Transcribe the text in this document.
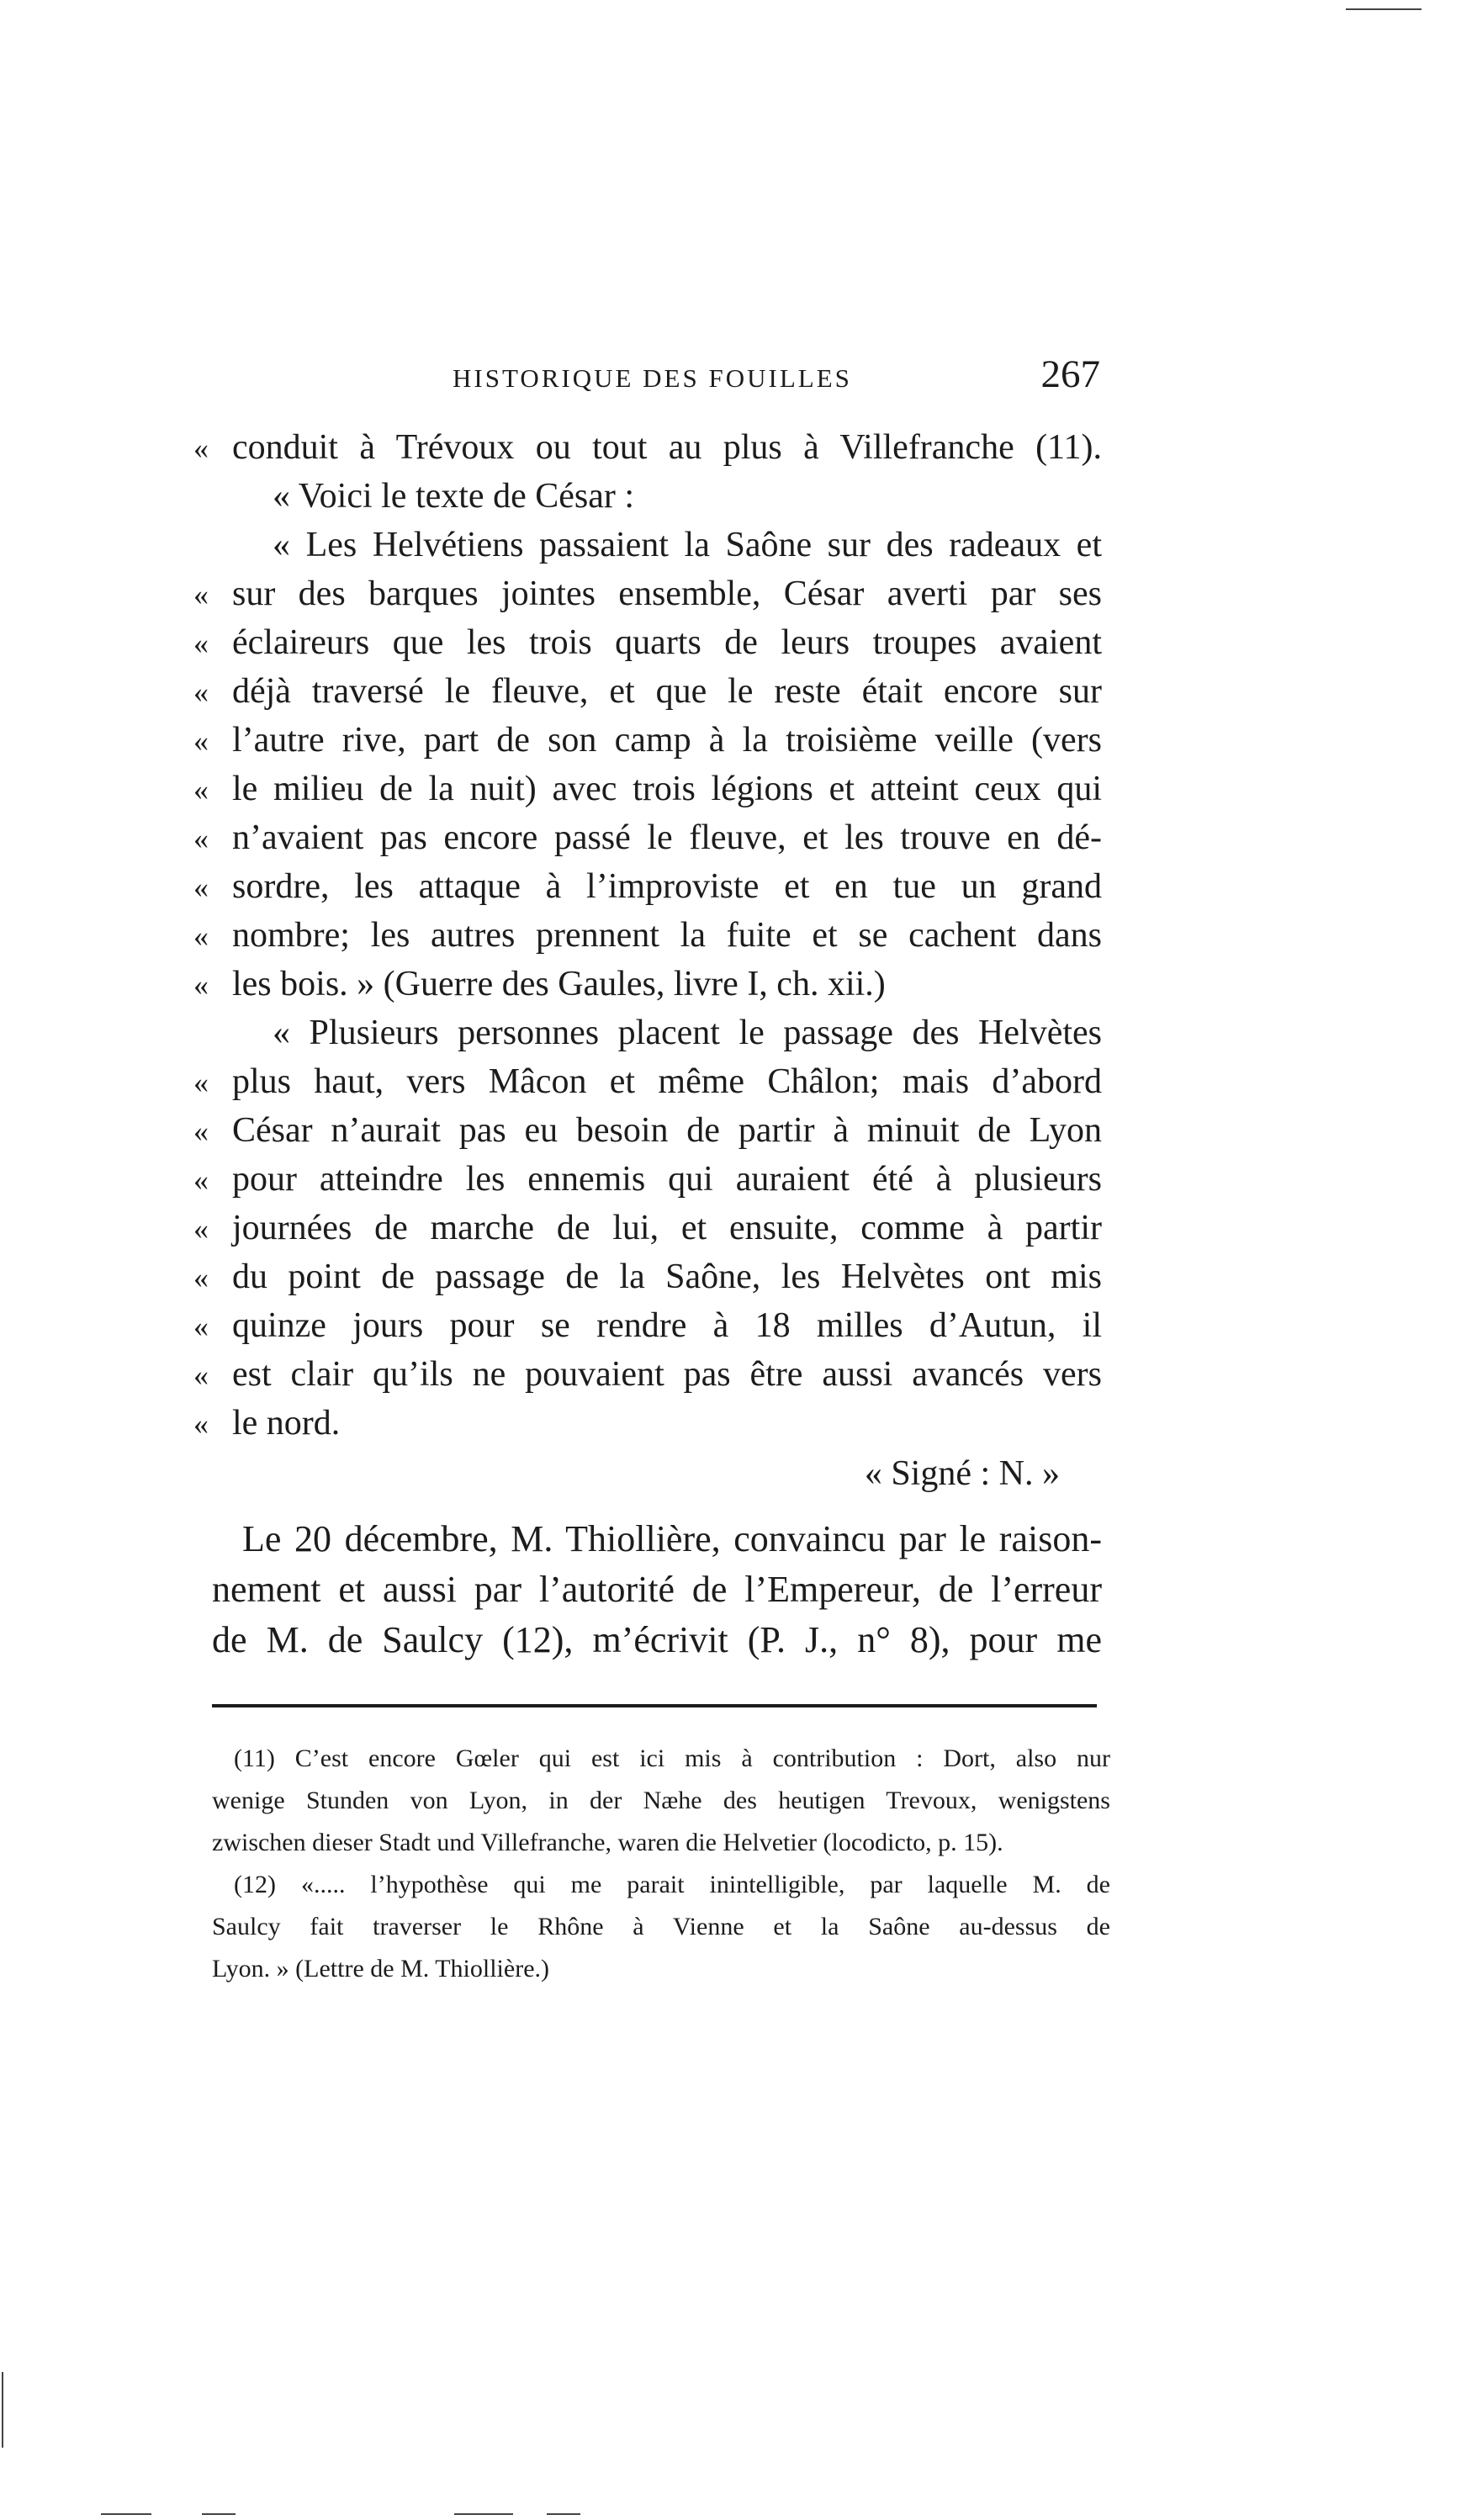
HISTORIQUE DES FOUILLES	267
« conduit à Trévoux ou tout au plus à Villefranche (11).
« Voici le texte de César :
« Les Helvétiens passaient la Saône sur des radeaux et
« sur des barques jointes ensemble, César averti par ses
« éclaireurs que les trois quarts de leurs troupes avaient
« déjà traversé le fleuve, et que le reste était encore sur
« l’autre rive, part de son camp à la troisième veille (vers
« le milieu de la nuit) avec trois légions et atteint ceux qui
« n’avaient pas encore passé le fleuve, et les trouve en dé-
« sordre, les attaque à l’improviste et en tue un grand
« nombre; les autres prennent la fuite et se cachent dans
« les bois. » (Guerre des Gaules, livre I, ch. xii.)
« Plusieurs personnes placent le passage des Helvètes
« plus haut, vers Mâcon et même Châlon; mais d’abord
« César n’aurait pas eu besoin de partir à minuit de Lyon
« pour atteindre les ennemis qui auraient été à plusieurs
« journées de marche de lui, et ensuite, comme à partir
« du point de passage de la Saône, les Helvètes ont mis
« quinze jours pour se rendre à 18 milles d’Autun, il
« est clair qu’ils ne pouvaient pas être aussi avancés vers
« le nord.
« Signé : N. »
Le 20 décembre, M. Thiollière, convaincu par le raison-
nement et aussi par l’autorité de l’Empereur, de l’erreur
de M. de Saulcy (12), m’écrivit (P. J., n° 8), pour me
(11) C’est encore Gœler qui est ici mis à contribution : Dort, also nur
wenige Stunden von Lyon, in der Næhe des heutigen Trevoux, wenigstens
zwischen dieser Stadt und Villefranche, waren die Helvetier (locodicto, p. 15).
(12) «..... l’hypothèse qui me parait inintelligible, par laquelle M. de
Saulcy fait traverser le Rhône à Vienne et la Saône au-dessus de
Lyon. » (Lettre de M. Thiollière.)
